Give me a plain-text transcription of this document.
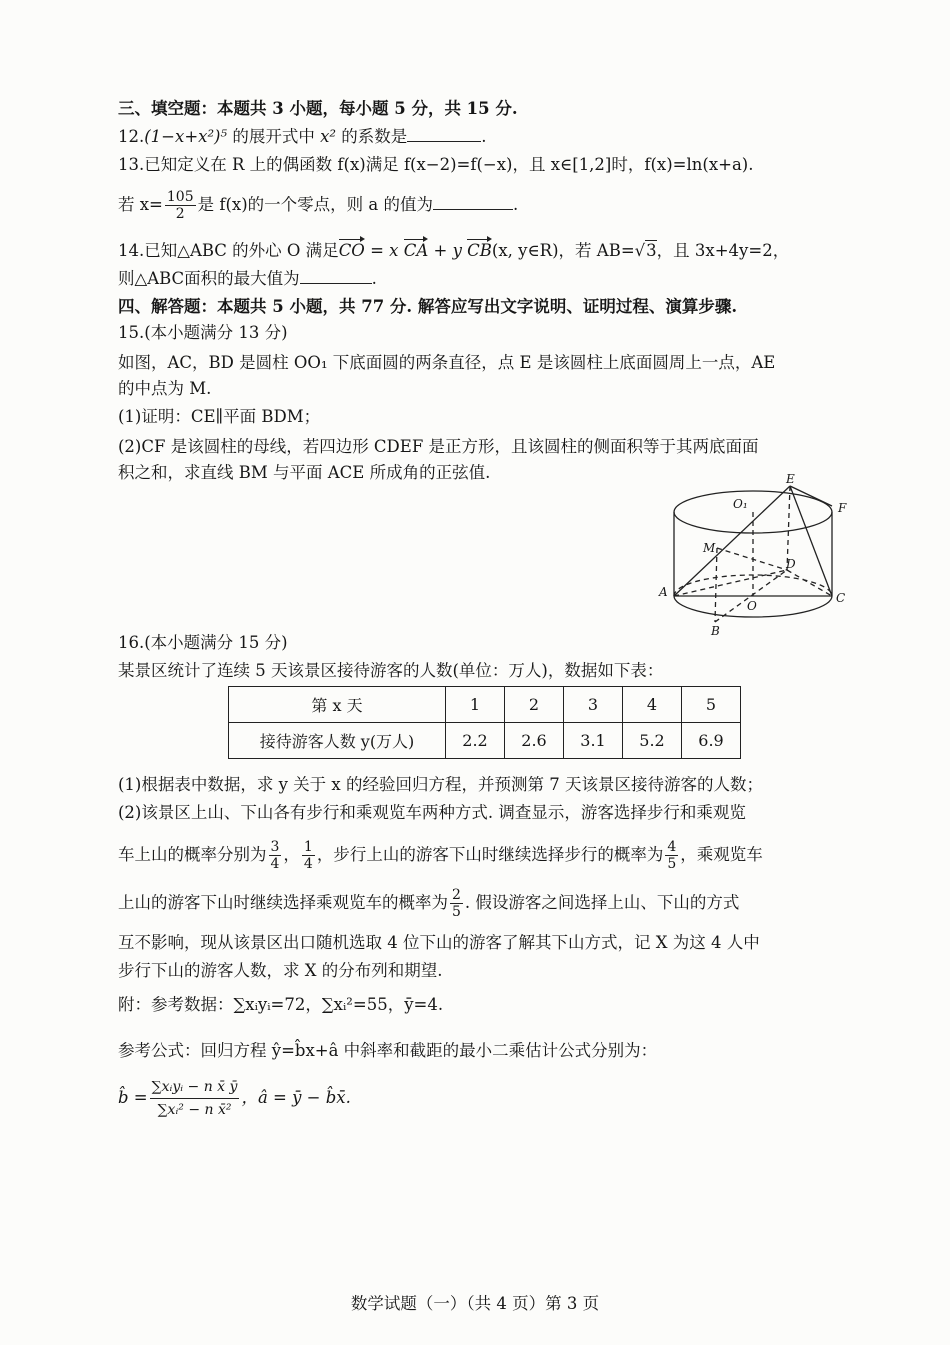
三、填空题：本题共 3 小题，每小题 5 分，共 15 分.
12.(1−x+x²)⁵ 的展开式中 x² 的系数是	.
13.已知定义在 R 上的偶函数 f(x)满足 f(x−2)=f(−x)，且 x∈[1,2]时，f(x)=ln(x+a).
若 $x= \frac{105}{2}$ 是 f(x)的一个零点，则 a 的值为	.
14.已知△ABC 的外心 O 满足CO = x CA + y CB(x, y∈R)，若 AB=√3，且 3x+4y=2，
则△ABC面积的最大值为	.
四、解答题：本题共 5 小题，共 77 分. 解答应写出文字说明、证明过程、演算步骤.
15.(本小题满分 13 分)
如图，AC，BD 是圆柱 OO₁ 下底面圆的两条直径，点 E 是该圆柱上底面圆周上一点，AE
的中点为 M.
(1)证明：CE∥平面 BDM；
(2)CF 是该圆柱的母线，若四边形 CDEF 是正方形，且该圆柱的侧面积等于其两底面面
积之和，求直线 BM 与平面 ACE 所成角的正弦值.	E
F
O₁
M
D
A	C
O
B
16.(本小题满分 15 分)
某景区统计了连续 5 天该景区接待游客的人数(单位：万人)，数据如下表：
第 x 天	1	2	3	4	5
接待游客人数 y(万人)	2.2	2.6	3.1	5.2	6.9
(1)根据表中数据，求 y 关于 x 的经验回归方程，并预测第 7 天该景区接待游客的人数；
(2)该景区上山、下山各有步行和乘观览车两种方式. 调查显示，游客选择步行和乘观览
车上山的概率分别为 $\frac{3}{4}$ ， $\frac{1}{4}$ ，步行上山的游客下山时继续选择步行的概率为 $\frac{4}{5}$ ，乘观览车
上山的游客下山时继续选择乘观览车的概率为 $\frac{2}{5}$ . 假设游客之间选择上山、下山的方式
互不影响，现从该景区出口随机选取 4 位下山的游客了解其下山方式，记 X 为这 4 人中
步行下山的游客人数，求 X 的分布列和期望.
附：参考数据：∑xᵢyᵢ=72，∑xᵢ²=55，ȳ=4.
参考公式：回归方程 ŷ=b̂x+â 中斜率和截距的最小二乘估计公式分别为：
b̂ = $\frac{\text{∑xᵢyᵢ − n x̄ ȳ}}{\text{∑xᵢ² − n x̄²}}$ ，â = ȳ − b̂x̄.
数学试题（一）（共 4 页）第 3 页
